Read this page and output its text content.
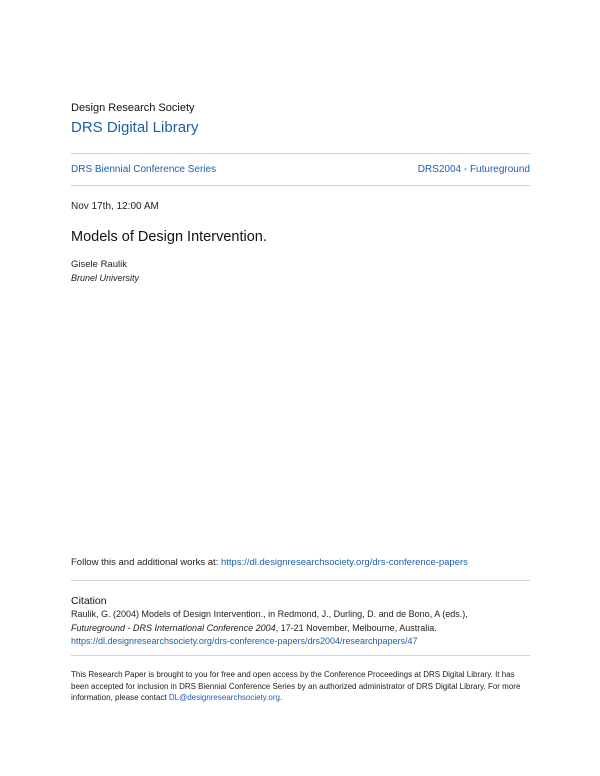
Design Research Society
DRS Digital Library
DRS Biennial Conference Series	DRS2004 - Futureground
Nov 17th, 12:00 AM
Models of Design Intervention.
Gisele Raulik
Brunel University
Follow this and additional works at: https://dl.designresearchsociety.org/drs-conference-papers
Citation
Raulik, G. (2004) Models of Design Intervention., in Redmond, J., Durling, D. and de Bono, A (eds.),
Futureground - DRS International Conference 2004, 17-21 November, Melbourne, Australia.
https://dl.designresearchsociety.org/drs-conference-papers/drs2004/researchpapers/47
This Research Paper is brought to you for free and open access by the Conference Proceedings at DRS Digital Library. It has been accepted for inclusion in DRS Biennial Conference Series by an authorized administrator of DRS Digital Library. For more information, please contact DL@designresearchsociety.org.
